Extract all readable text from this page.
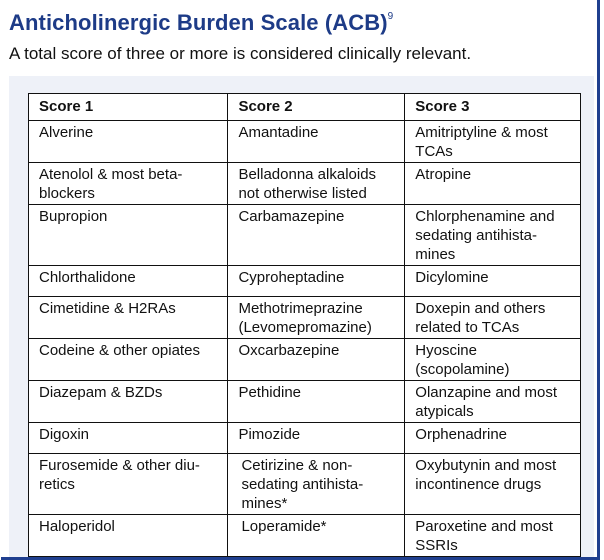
Anticholinergic Burden Scale (ACB)$^9$
A total score of three or more is considered clinically relevant.
Score 1	Score 2	Score 3
Alverine	Amantadine	Amitriptyline & most TCAs
Atenolol & most beta-blockers	Belladonna alkaloids not otherwise listed	Atropine
Bupropion	Carbamazepine	Chlorphenamine and sedating antihista-mines
Chlorthalidone	Cyproheptadine	Dicylomine
Cimetidine & H2RAs	Methotrimeprazine (Levomepromazine)	Doxepin and others related to TCAs
Codeine & other opiates	Oxcarbazepine	Hyoscine (scopolamine)
Diazepam & BZDs	Pethidine	Olanzapine and most atypicals
Digoxin	Pimozide	Orphenadrine
Furosemide & other diu-retics	Cetirizine & non-sedating antihista-mines*	Oxybutynin and most incontinence drugs
Haloperidol	Loperamide*	Paroxetine and most SSRIs
